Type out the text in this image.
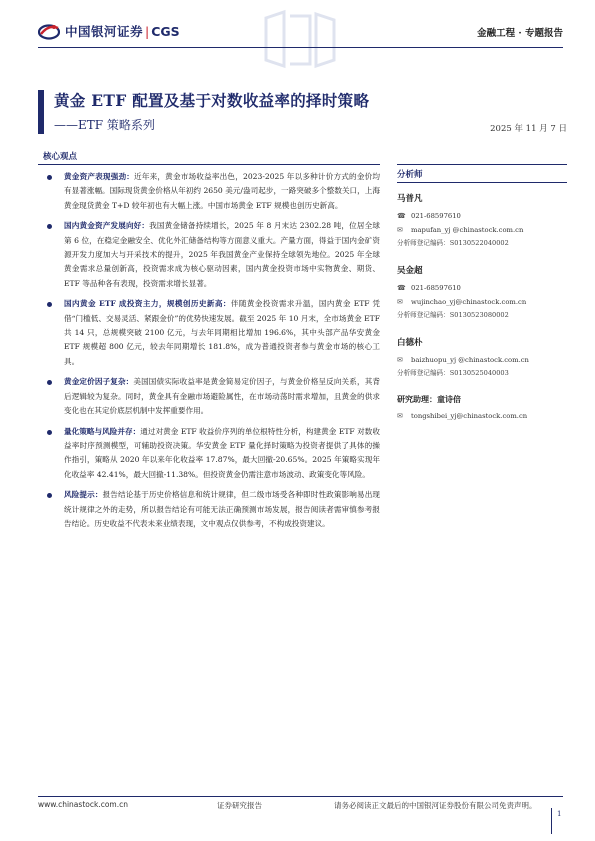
中国银河证券 | CGS	金融工程 · 专题报告
黄金 ETF 配置及基于对数收益率的择时策略
——ETF 策略系列	2025 年 11 月 7 日
核心观点
黄金资产表现强劲：近年来，黄金市场收益率出色，2023-2025 年以多种计价方式的金价均有显著涨幅。国际现货黄金价格从年初约 2650 美元/盎司起步，一路突破多个整数关口，上海黄金现货黄金 T+D 较年初也有大幅上涨。中国市场黄金 ETF 规模也创历史新高。
国内黄金资产发展向好：我国黄金储备持续增长，2025 年 8 月末达 2302.28 吨，位居全球第 6 位，在稳定金融安全、优化外汇储备结构等方面意义重大。产量方面，得益于国内金矿资源开发力度加大与开采技术的提升，2025 年我国黄金产业保持全球领先地位。2025 年全球黄金需求总量创新高，投资需求成为核心驱动因素，国内黄金投资市场中实物黄金、期货、ETF 等品种各有表现，投资需求增长显著。
国内黄金 ETF 成投资主力，规模创历史新高：伴随黄金投资需求升温，国内黄金 ETF 凭借“门槛低、交易灵活、紧跟金价”的优势快速发展。截至 2025 年 10 月末，全市场黄金 ETF 共 14 只，总规模突破 2100 亿元，与去年同期相比增加 196.6%，其中头部产品华安黄金 ETF 规模超 800 亿元，较去年同期增长 181.8%，成为普通投资者参与黄金市场的核心工具。
黄金定价因子复杂：美国国债实际收益率是黄金简易定价因子，与黄金价格呈反向关系，其背后逻辑较为复杂。同时，黄金具有金融市场避险属性，在市场动荡时需求增加，且黄金的供求变化也在其定价底层机制中发挥重要作用。
量化策略与风险并存：通过对黄金 ETF 收益价序列的单位根特性分析，构建黄金 ETF 对数收益率时序预测模型，可辅助投资决策。华安黄金 ETF 量化择时策略为投资者提供了具体的操作指引，策略从 2020 年以来年化收益率 17.87%，最大回撤-20.65%。2025 年策略实现年化收益率 42.41%，最大回撤-11.38%。但投资黄金仍需注意市场波动、政策变化等风险。
风险提示：报告结论基于历史价格信息和统计规律，但二级市场受各种即时性政策影响易出现统计规律之外的走势，所以报告结论有可能无法正确预测市场发展，报告阅读者需审慎参考报告结论。历史收益不代表未来业绩表现，文中观点仅供参考，不构成投资建议。
分析师
马普凡
☎ 021-68597610
✉	mapufan_yj @chinastock.com.cn
分析师登记编码：S0130522040002
吴金超
☎ 021-68597610
✉	wujinchao_yj@chinastock.com.cn
分析师登记编码：S0130523080002
白德朴
✉	baizhuopu_yj @chinastock.com.cn
分析师登记编码：S0130525040003
研究助理：童诗倍
✉	tongshibei_yj@chinastock.com.cn
www.chinastock.com.cn	证券研究报告	请务必阅读正文最后的中国银河证券股份有限公司免责声明。
1
